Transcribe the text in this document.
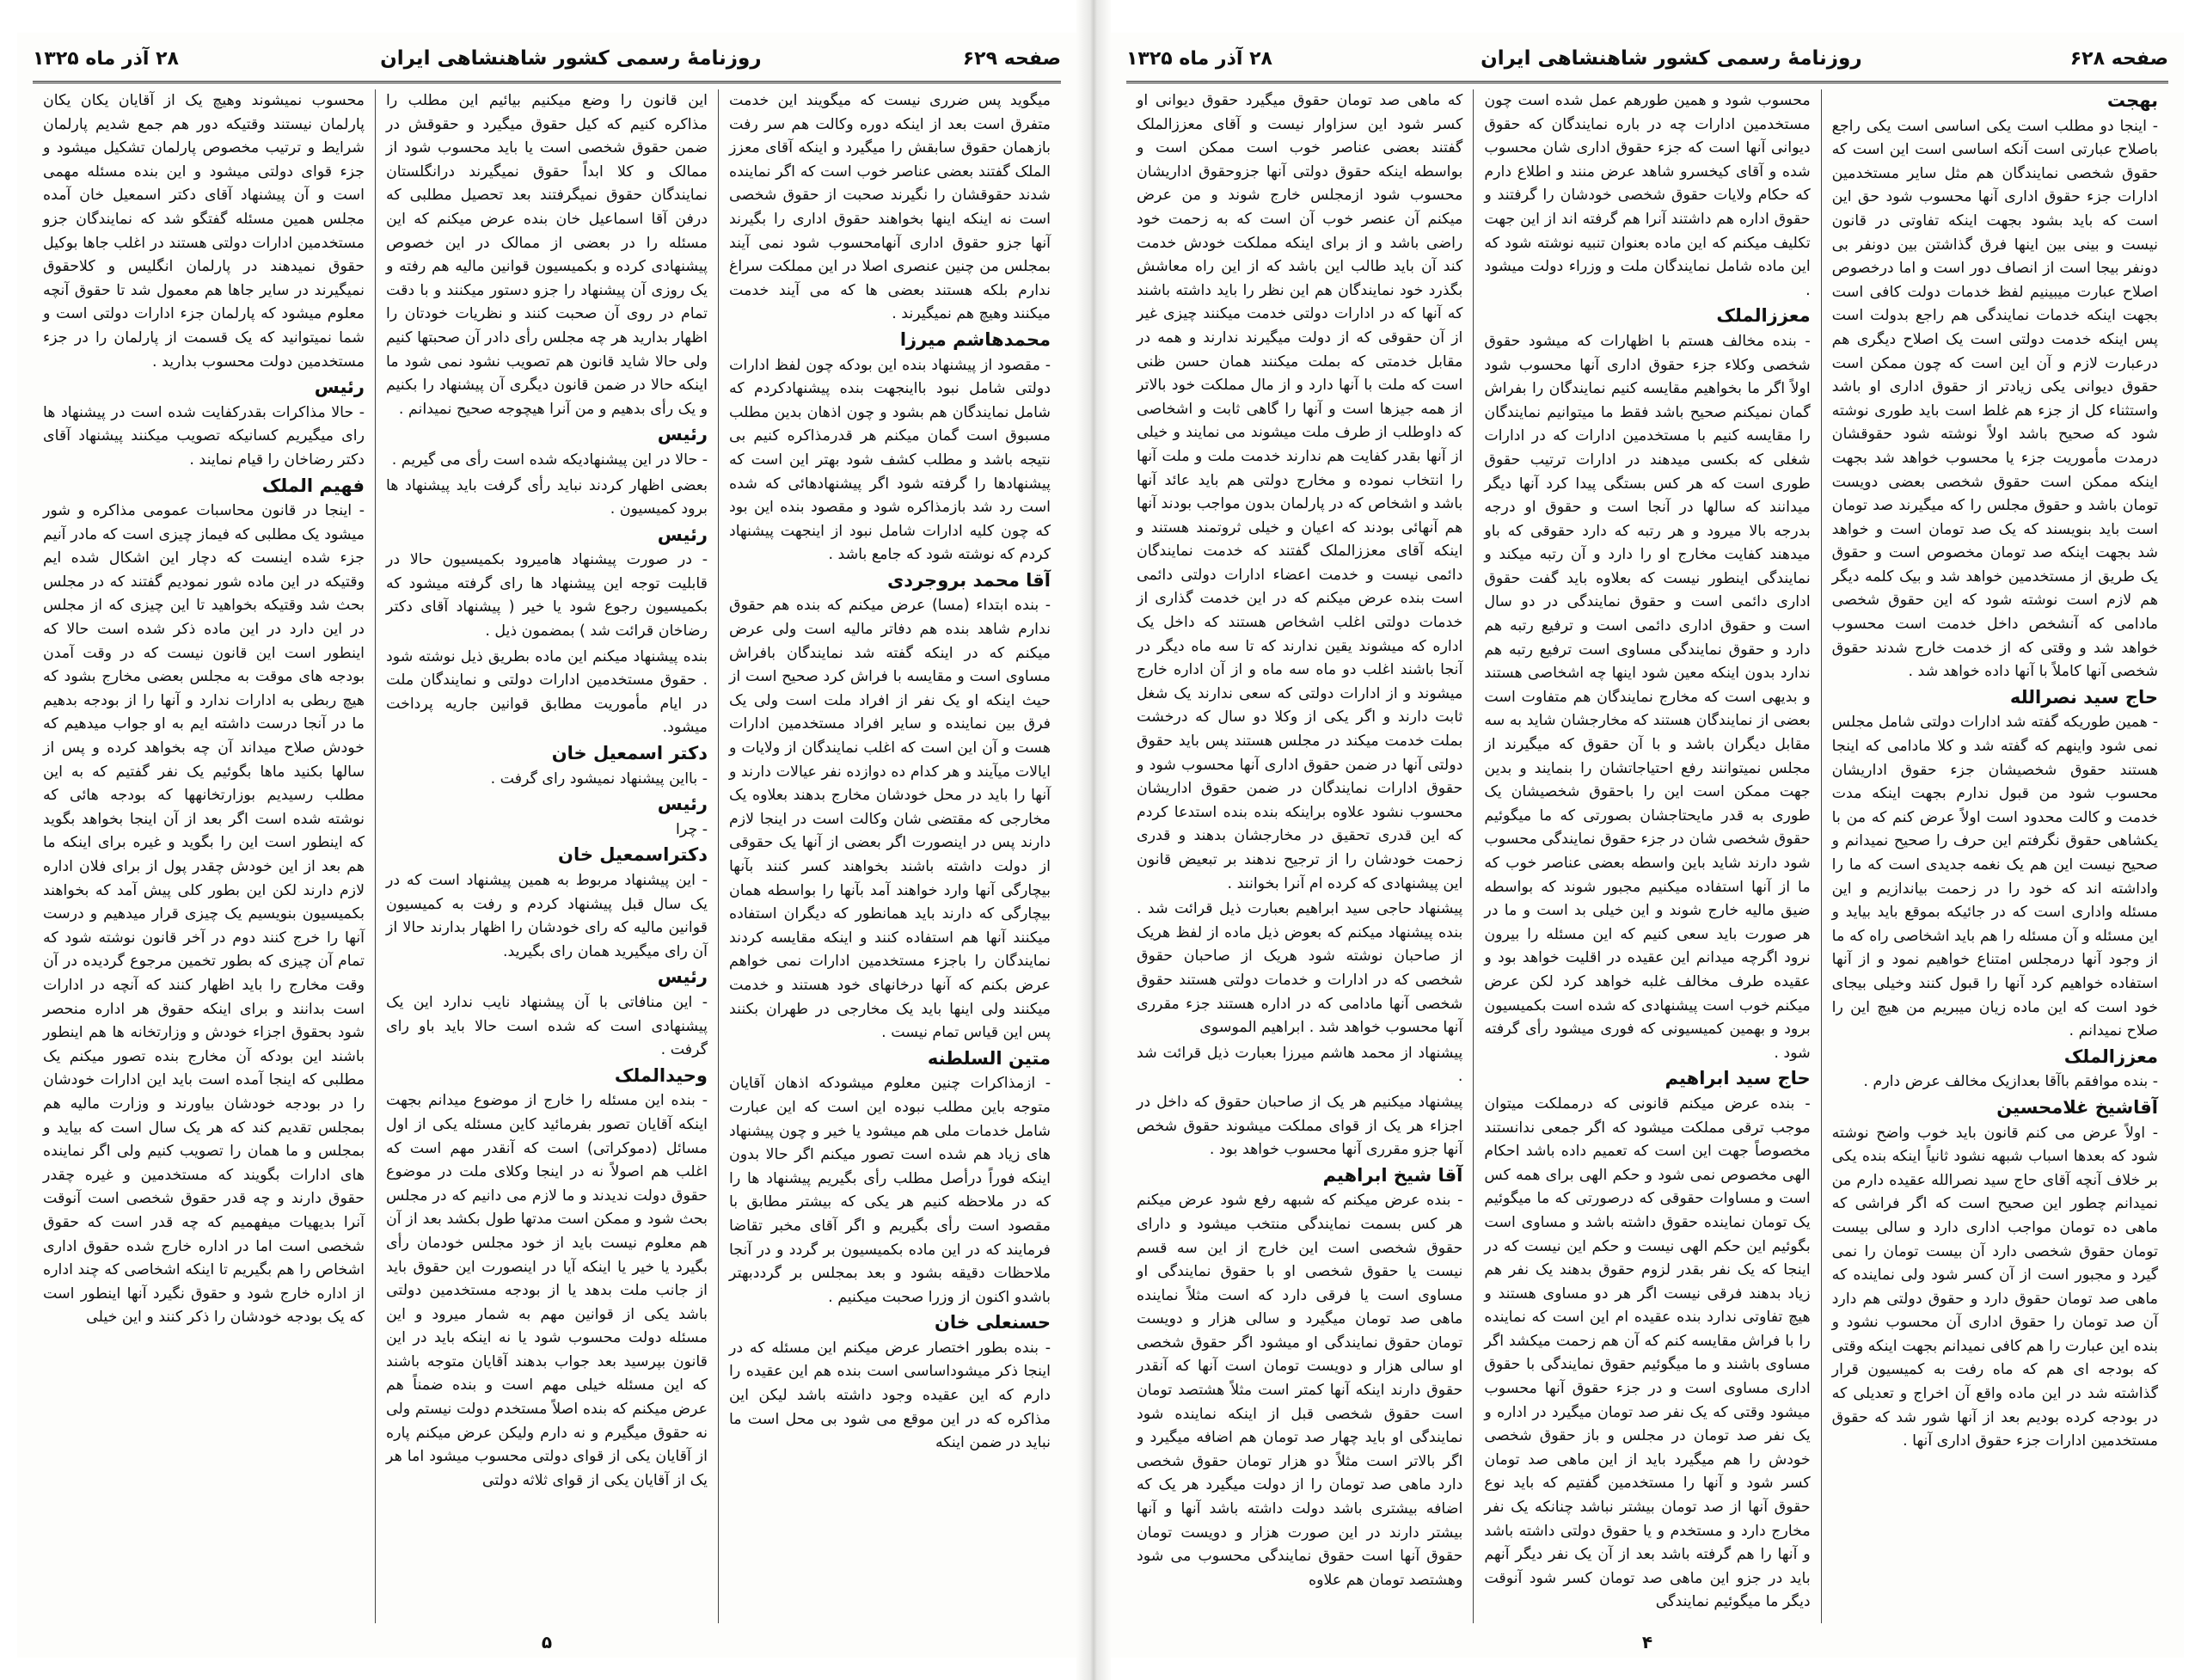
صفحه ۶۲۹
روزنامهٔ رسمی کشور شاهنشاهی ایران
۲۸ آذر ماه ۱۳۲۵

میگوید پس ضرری نیست که میگویند این خدمت متفرق است بعد از اینکه دوره وکالت هم سر رفت بازهمان حقوق سابقش را میگیرد و اینکه آقای معزز الملک گفتند بعضی عناصر خوب است که اگر نماینده شدند حقوقشان را نگیرند صحبت از حقوق شخصی است نه اینکه اینها بخواهند حقوق اداری را بگیرند آنها جزو حقوق اداری آنهامحسوب شود نمی آیند بمجلس من چنین عنصری اصلا در این مملکت سراغ ندارم بلکه هستند بعضی ها که می آیند خدمت میکنند وهیچ هم نمیگیرند .

محمدهاشم میرزا

- مقصود از پیشنهاد بنده این بودکه چون لفظ ادارات دولتی شامل نبود بااینجهت بنده پیشنهادکردم که شامل نمایندگان هم بشود و چون اذهان بدین مطلب مسبوق است گمان میکنم هر قدرمذاکره کنیم بی نتیجه باشد و مطلب کشف شود بهتر این است که پیشنهادها را گرفته شود اگر پیشنهادهائی که شده است رد شد بازمذاکره شود و مقصود بنده این بود که چون کلیه ادارات شامل نبود از اینجهت پیشنهاد کردم که نوشته شود که جامع باشد .

آقا محمد بروجردی

- بنده ابتداء (مسا) عرض میکنم که بنده هم حقوق ندارم شاهد بنده هم دفاتر مالیه است ولی عرض میکنم که در اینکه گفته شد نمایندگان بافراش مساوی است و مقایسه با فراش کرد صحیح است از حیث اینکه او یک نفر از افراد ملت است ولی یک فرق بین نماینده و سایر افراد مستخدمین ادارات هست و آن این است که اغلب نمایندگان از ولایات و ایالات میآیند و هر کدام ده دوازده نفر عیالات دارند و آنها را باید در محل خودشان مخارج بدهند بعلاوه یک مخارجی که مقتضی شان وکالت است در اینجا لازم دارند پس در اینصورت اگر بعضی از آنها یک حقوقی از دولت داشته باشند بخواهند کسر کنند بآنها بیچارگی آنها وارد خواهند آمد بآنها را بواسطه همان بیچارگی که دارند باید همانطور که دیگران استفاده میکنند آنها هم استفاده کنند و اینکه مقایسه کردند نمایندگان را باجزء مستخدمین ادارات نمی خواهم عرض بکنم که آنها درخانهای خود هستند و خدمت میکنند ولی اینها باید یک مخارجی در طهران بکنند پس این قیاس تمام نیست .

متین السلطنه

- ازمذاکرات چنین معلوم میشودکه اذهان آقایان متوجه باین مطلب نبوده این است که این عبارت شامل خدمات ملی هم میشود یا خیر و چون پیشنهاد های زیاد هم شده است تصور میکنم اگر حالا بدون اینکه فوراً درأصل مطلب رأی بگیریم پیشنهاد ها را که در ملاحظه کنیم هر یکی که بیشتر مطابق با مقصود است رأی بگیریم و اگر آقای مخبر تقاضا فرمایند که در این ماده بکمیسیون بر گردد و در آنجا ملاحظات دقیقه بشود و بعد بمجلس بر گرددبهتر باشدو اکنون از وزرا صحبت میکنیم .

حسنعلی خان

- بنده بطور اختصار عرض میکنم این مسئله که در اینجا ذکر میشوداساسی است بنده هم این عقیده را دارم که این عقیده وجود داشته باشد لیکن این مذاکره که در این موقع می شود بی محل است ما نباید در ضمن اینکه

این قانون را وضع میکنیم بیائیم این مطلب را مذاکره کنیم که کیل حقوق میگیرد و حقوقش در ضمن حقوق شخصی است یا باید محسوب شود از ممالک و کلا ابداً حقوق نمیگیرند درانگلستان نمایندگان حقوق نمیگرفتند بعد تحصیل مطلبی که درفن آقا اسماعیل خان بنده عرض میکنم که این مسئله را در بعضی از ممالک در این خصوص پیشنهادی کرده و بکمیسیون قوانین مالیه هم رفته و یک روزی آن پیشنهاد را جزو دستور میکنند و با دقت تمام در روی آن صحبت کنند و نظریات خودتان را اظهار بدارید هر چه مجلس رأی دادر آن صحبتها کنیم ولی حالا شاید قانون هم تصویب نشود نمی شود ما اینکه حالا در ضمن قانون دیگری آن پیشنهاد را بکنیم و یک رأی بدهیم و من آنرا هیچوجه صحیح نمیدانم .

رئیس

- حالا در این پیشنهادیکه شده است رأی می گیریم .

بعضی اظهار کردند نباید رأی گرفت باید پیشنهاد ها برود کمیسیون .

رئیس

- در صورت پیشنهاد هامیرود بکمیسیون حالا در قابلیت توجه این پیشنهاد ها رای گرفته میشود که بکمیسیون رجوع شود یا خیر ( پیشنهاد آقای دکتر رضاخان قرائت شد ) بمضمون ذیل .

بنده پیشنهاد میکنم این ماده بطریق ذیل نوشته شود . حقوق مستخدمین ادارات دولتی و نمایندگان ملت در ایام مأموریت مطابق قوانین جاریه پرداخت میشود.

دکتر اسمعیل خان

- بااین پیشنهاد نمیشود رای گرفت .

رئیس

- چرا

دکتراسمعیل خان

- این پیشنهاد مربوط به همین پیشنهاد است که در یک سال قبل پیشنهاد کردم و رفت به کمیسیون قوانین مالیه که رای خودشان را اظهار بدارند حالا از آن رای میگیرید همان رای بگیرید.

رئیس

- این منافاتی با آن پیشنهاد نایب ندارد این یک پیشنهادی است که شده است حالا باید باو رای گرفت .

وحیدالملک

- بنده این مسئله را خارج از موضوع میدانم بجهت اینکه آقایان تصور بفرمائید کاین مسئله یکی از اول مسائل (دموکراتی) است که آنقدر مهم است که اغلب هم اصولاً نه در اینجا وکلای ملت در موضوع حقوق دولت ندیدند و ما لازم می دانیم که در مجلس بحث شود و ممکن است مدتها طول بکشد بعد از آن هم معلوم نیست باید از خود مجلس خودمان رأی بگیرد یا خیر یا اینکه آیا در اینصورت این حقوق باید از جانب ملت بدهد یا از بودجه مستخدمین دولتی باشد یکی از قوانین مهم به شمار میرود و این مسئله دولت محسوب شود یا نه اینکه باید در این قانون بپرسید بعد جواب بدهند آقایان متوجه باشند که این مسئله خیلی مهم است و بنده ضمناً هم عرض میکنم که بنده اصلاً مستخدم دولت نیستم ولی نه حقوق میگیرم و نه دارم ولیکن عرض میکنم پاره از آقایان یکی از قوای دولتی محسوب میشود اما هر یک از آقایان یکی از قوای ثلاثه دولتی

محسوب نمیشوند وهیچ یک از آقایان یکان یکان پارلمان نیستند وقتیکه دور هم جمع شدیم پارلمان شرایط و ترتیب مخصوص پارلمان تشکیل میشود و جزء قوای دولتی میشود و این بنده مسئله مهمی است و آن پیشنهاد آقای دکتر اسمعیل خان آمده مجلس همین مسئله گفتگو شد که نمایندگان جزو مستخدمین ادارات دولتی هستند در اغلب جاها بوکیل حقوق نمیدهند در پارلمان انگلیس و کلاحقوق نمیگیرند در سایر جاها هم معمول شد تا حقوق آنچه معلوم میشود که پارلمان جزء ادارات دولتی است و شما نمیتوانید که یک قسمت از پارلمان را در جزء مستخدمین دولت محسوب بدارید .

رئیس

- حالا مذاکرات بقدرکفایت شده است در پیشنهاد ها رای میگیریم کسانیکه تصویب میکنند پیشنهاد آقای دکتر رضاخان را قیام نمایند .

فهیم الملک

- اینجا در قانون محاسبات عمومی مذاکره و شور میشود یک مطلبی که فیماز چیزی است که مادر آنیم جزء شده اینست که دچار این اشکال شده ایم وقتیکه در این ماده شور نمودیم گفتند که در مجلس بحث شد وقتیکه بخواهید تا این چیزی که از مجلس در این دارد در این ماده ذکر شده است حالا که اینطور است این قانون نیست که در وقت آمدن بودجه های موقت به مجلس بعضی مخارج بشود که هیچ ربطی به ادارات ندارد و آنها را از بودجه بدهیم ما در آنجا درست داشته ایم به او جواب میدهیم که خودش صلاح میداند آن چه بخواهد کرده و پس از سالها بکنید ماها بگوئیم یک نفر گفتیم که به این مطلب رسیدیم بوزارتخانهها که بودجه هائی که نوشته شده است اگر بعد از آن اینجا بخواهد بگوید که اینطور است این را بگوید و غیره برای اینکه ما هم بعد از این خودش چقدر پول از برای فلان اداره لازم دارند لکن این بطور کلی پیش آمد که بخواهند بکمیسیون بنویسیم یک چیزی قرار میدهیم و درست آنها را خرج کنند دوم در آخر قانون نوشته شود که تمام آن چیزی که بطور تخمین مرجوع گردیده در آن وقت مخارج را باید اظهار کنند که آنچه در ادارات است بدانند و برای اینکه حقوق هر اداره منحصر شود بحقوق اجزاء خودش و وزارتخانه ها هم اینطور باشند این بودکه آن مخارج بنده تصور میکنم یک مطلبی که اینجا آمده است باید این ادارات خودشان را در بودجه خودشان بیاورند و وزارت مالیه هم بمجلس تقدیم کند که هر یک سال است که بیاید و بمجلس و ما همان را تصویب کنیم ولی اگر نماینده های ادارات بگویند که مستخدمین و غیره چقدر حقوق دارند و چه قدر حقوق شخصی است آنوقت آنرا بدیهیات میفهمیم که چه قدر است که حقوق شخصی است اما در اداره خارج شده حقوق اداری اشخاص را هم بگیریم تا اینکه اشخاصی که چند اداره از اداره خارج شود و حقوق نگیرد آنها اینطور است که یک بودجه خودشان را ذکر کنند و این خیلی

۵
صفحه ۶۲۸
روزنامهٔ رسمی کشور شاهنشاهی ایران
۲۸ آذر ماه ۱۳۲۵

بهجت

- اینجا دو مطلب است یکی اساسی است یکی راجع باصلاح عبارتی است آنکه اساسی است این است که حقوق شخصی نمایندگان هم مثل سایر مستخدمین ادارات جزء حقوق اداری آنها محسوب شود حق این است که باید بشود بجهت اینکه تفاوتی در قانون نیست و بینی بین اینها فرق گذاشتن بین دونفر بی دونفر بیجا است از انصاف دور است و اما درخصوص اصلاح عبارت میبینیم لفظ خدمات دولت کافی است بجهت اینکه خدمات نمایندگی هم راجع بدولت است پس اینکه خدمت دولتی است یک اصلاح دیگری هم درعبارت لازم و آن این است که چون ممکن است حقوق دیوانی یکی زیادتر از حقوق اداری او باشد واستثناء کل از جزء هم غلط است باید طوری نوشته شود که صحیح باشد اولاً نوشته شود حقوقشان درمدت مأموریت جزء یا محسوب خواهد شد بجهت اینکه ممکن است حقوق شخصی بعضی دویست تومان باشد و حقوق مجلس را که میگیرند صد تومان است باید بنویسند که یک صد تومان است و خواهد شد بجهت اینکه صد تومان مخصوص است و حقوق یک طریق از مستخدمین خواهد شد و بیک کلمه دیگر هم لازم است نوشته شود که این حقوق شخصی مادامی که آنشخص داخل خدمت است محسوب خواهد شد و وقتی که از خدمت خارج شدند حقوق شخصی آنها کاملاً با آنها داده خواهد شد .

حاج سید نصرالله

- همین طوریکه گفته شد ادارات دولتی شامل مجلس نمی شود واینهم که گفته شد و کلا مادامی که اینجا هستند حقوق شخصیشان جزء حقوق اداریشان محسوب شود من قبول ندارم بجهت اینکه مدت خدمت و کالت محدود است اولاً عرض کنم که من با یکشاهی حقوق نگرفتم این حرف را صحیح نمیدانم و صحیح نیست این هم یک نغمه جدیدی است که ما را واداشته اند که خود را در زحمت بیاندازیم و این مسئله واداری است که در جائیکه بموقع باید بیاید و این مسئله و آن مسئله را هم باید اشخاصی راه که ما از وجود آنها درمجلس امتناع خواهیم نمود و از آنها استفاده خواهیم کرد آنها را قبول کنند وخیلی بیجای خود است که این ماده زیان میبریم من هیچ این را صلاح نمیدانم .

معززالملک

- بنده موافقم باآقا بعدازیک مخالف عرض دارم .

آقاشیخ غلامحسین

- اولاً عرض می کنم قانون باید خوب واضح نوشته شود که بعدها اسباب شبهه نشود ثانیاً اینکه بنده یکی بر خلاف آنچه آقای حاج سید نصرالله عقیده دارم من نمیدانم چطور این صحیح است که اگر فراشی که ماهی ده تومان مواجب اداری دارد و سالی بیست تومان حقوق شخصی دارد آن بیست تومان را نمی گیرد و مجبور است از آن کسر شود ولی نماینده که ماهی صد تومان حقوق دارد و حقوق دولتی هم دارد آن صد تومان را حقوق اداری آن محسوب نشود و بنده این عبارت را هم کافی نمیدانم بجهت اینکه وقتی که بودجه ای هم که ماه رفت به کمیسیون قرار گذاشته شد در این ماده واقع آن اخراج و تعدیلی که در بودجه کرده بودیم بعد از آنها شور شد که حقوق مستخدمین ادارات جزء حقوق اداری آنها .

محسوب شود و همین طورهم عمل شده است چون مستخدمین ادارات چه در باره نمایندگان که حقوق دیوانی آنها است که جزء حقوق اداری شان محسوب شده و آقای کیخسرو شاهد عرض منند و اطلاع دارم که حکام ولایات حقوق شخصی خودشان را گرفتند و حقوق اداره هم داشتند آنرا هم گرفته اند از این جهت تکلیف میکنم که این ماده بعنوان تنبیه نوشته شود که این ماده شامل نمایندگان ملت و وزراء دولت میشود .

معززالملک

- بنده مخالف هستم با اظهارات که میشود حقوق شخصی وکلاء جزء حقوق اداری آنها محسوب شود اولاً اگر ما بخواهیم مقایسه کنیم نمایندگان را بفراش گمان نمیکنم صحیح باشد فقط ما میتوانیم نمایندگان را مقایسه کنیم با مستخدمین ادارات که در ادارات شغلی که بکسی میدهند در ادارات ترتیب حقوق طوری است که هر کس بستگی پیدا کرد آنها دیگر میدانند که سالها در آنجا است و حقوق او درجه بدرجه بالا میرود و هر رتبه که دارد حقوقی که باو میدهند کفایت مخارج او را دارد و آن رتبه میکند و نمایندگی اینطور نیست که بعلاوه باید گفت حقوق اداری دائمی است و حقوق نمایندگی در دو سال است و حقوق اداری دائمی است و ترفیع رتبه هم دارد و حقوق نمایندگی مساوی است ترفیع رتبه هم ندارد بدون اینکه معین شود اینها چه اشخاصی هستند و بدیهی است که مخارج نمایندگان هم متفاوت است بعضی از نمایندگان هستند که مخارجشان شاید به سه مقابل دیگران باشد و با آن حقوق که میگیرند از مجلس نمیتوانند رفع احتیاجاتشان را بنمایند و بدین جهت ممکن است این را باحقوق شخصیشان یک طوری به قدر مایحتاجشان بصورتی که ما میگوئیم حقوق شخصی شان در جزء حقوق نمایندگی محسوب شود دارند شاید باین واسطه بعضی عناصر خوب که ما از آنها استفاده میکنیم مجبور شوند که بواسطه ضیق مالیه خارج شوند و این خیلی بد است و ما در هر صورت باید سعی کنیم که این مسئله را بیرون نرود اگرچه میدانم این عقیده در اقلیت خواهد بود و عقیده طرف مخالف غلبه خواهد کرد لکن عرض میکنم خوب است پیشنهادی که شده است بکمیسیون برود و بهمین کمیسیونی که فوری میشود رأی گرفته شود .

حاج سید ابراهیم

- بنده عرض میکنم قانونی که درمملکت میتوان موجب ترقی مملکت میشود که اگر جمعی ندانستند مخصوصاً جهت این است که تعمیم داده باشد احکام الهی مخصوص نمی شود و حکم الهی برای همه کس است و مساوات حقوقی که درصورتی که ما میگوئیم یک تومان نماینده حقوق داشته باشد و مساوی است بگوئیم این حکم الهی نیست و حکم این نیست که در اینجا که یک نفر بقدر لزوم حقوق بدهند یک نفر هم زیاد بدهند فرقی نیست اگر هر دو مساوی هستند و هیچ تفاوتی ندارد بنده عقیده ام این است که نماینده را با فراش مقایسه کنم که آن هم زحمت میکشد اگر مساوی باشند و ما میگوئیم حقوق نمایندگی با حقوق اداری مساوی است و در جزء حقوق آنها محسوب میشود وقتی که یک نفر صد تومان میگیرد در اداره و یک نفر صد تومان در مجلس و باز حقوق شخصی خودش را هم میگیرد باید از این ماهی صد تومان کسر شود و آنها را مستخدمین گفتیم که باید نوع حقوق آنها از صد تومان بیشتر نباشد چنانکه یک نفر مخارج دارد و مستخدم و یا حقوق دولتی داشته باشد و آنها را هم گرفته باشد بعد از آن یک نفر دیگر آنهم باید در جزو این ماهی صد تومان کسر شود آنوقت دیگر ما میگوئیم نمایندگی

که ماهی صد تومان حقوق میگیرد حقوق دیوانی او کسر شود این سزاوار نیست و آقای معززالملک گفتند بعضی عناصر خوب است ممکن است و بواسطه اینکه حقوق دولتی آنها جزوحقوق اداریشان محسوب شود ازمجلس خارج شوند و من عرض میکنم آن عنصر خوب آن است که به زحمت خود راضی باشد و از برای اینکه مملکت خودش خدمت کند آن باید طالب این باشد که از این راه معاشش بگذرد خود نمایندگان هم این نظر را باید داشته باشند که آنها که در ادارات دولتی خدمت میکنند چیزی غیر از آن حقوقی که از دولت میگیرند ندارند و همه در مقابل خدمتی که بملت میکنند همان حسن ظنی است که ملت با آنها دارد و از مال مملکت خود بالاتر از همه جیزها است و آنها را گاهی ثابت و اشخاصی که داوطلب از طرف ملت میشوند می نمایند و خیلی از آنها بقدر کفایت هم ندارند خدمت ملت و ملت آنها را انتخاب نموده و مخارج دولتی هم باید عائد آنها باشد و اشخاص که در پارلمان بدون مواجب بودند آنها هم آنهائی بودند که اعیان و خیلی ثروتمند هستند و اینکه آقای معززالملک گفتند که خدمت نمایندگان دائمی نیست و خدمت اعضاء ادارات دولتی دائمی است بنده عرض میکنم که در این خدمت گذاری از خدمات دولتی اغلب اشخاص هستند که داخل یک اداره که میشوند یقین ندارند که تا سه ماه دیگر در آنجا باشند اغلب دو ماه سه ماه و از آن اداره خارج میشوند و از ادارات دولتی که سعی ندارند یک شغل ثابت دارند و اگر یکی از وکلا دو سال که درخشت بملت خدمت میکند در مجلس هستند پس باید حقوق دولتی آنها در ضمن حقوق اداری آنها محسوب شود و حقوق ادارات نمایندگان در ضمن حقوق اداریشان محسوب نشود علاوه براینکه بنده بنده استدعا کردم که این قدری تحقیق در مخارجشان بدهند و قدری زحمت خودشان را از ترجیح ندهند بر تبعیض قانون این پیشنهادی که کرده ام آنرا بخوانند .

پیشنهاد حاجی سید ابراهیم بعبارت ذیل قرائت شد . بنده پیشنهاد میکنم که بعوض ذیل ماده از لفظ هریک از صاحبان نوشته شود هریک از صاحبان حقوق شخصی که در ادارات و خدمات دولتی هستند حقوق شخصی آنها مادامی که در اداره هستند جزء مقرری آنها محسوب خواهد شد . ابراهیم الموسوی

پیشنهاد از محمد هاشم میرزا بعبارت ذیل قرائت شد .

پیشنهاد میکنیم هر یک از صاحبان حقوق که داخل در اجزاء هر یک از قوای مملکت میشوند حقوق شخص آنها جزو مقرری آنها محسوب خواهد بود .

آقا شیخ ابراهیم

- بنده عرض میکنم که شبهه رفع شود عرض میکنم هر کس بسمت نمایندگی منتخب میشود و دارای حقوق شخصی است این خارج از این سه قسم نیست یا حقوق شخصی او با حقوق نمایندگی او مساوی است یا فرقی دارد که است مثلاً نماینده ماهی صد تومان میگیرد و سالی هزار و دویست تومان حقوق نمایندگی او میشود اگر حقوق شخصی او سالی هزار و دویست تومان است آنها که آنقدر حقوق دارند اینکه آنها کمتر است مثلاً هشتصد تومان است حقوق شخصی قبل از اینکه نماینده شود نمایندگی او باید چهار صد تومان هم اضافه میگیرد و اگر بالاتر است مثلاً دو هزار تومان حقوق شخصی دارد ماهی صد تومان را از دولت میگیرد هر یک که اضافه بیشتری باشد دولت داشته باشد آنها و آنها بیشتر دارند در این صورت هزار و دویست تومان حقوق آنها است حقوق نمایندگی محسوب می شود وهشتصد تومان هم علاوه

۴
